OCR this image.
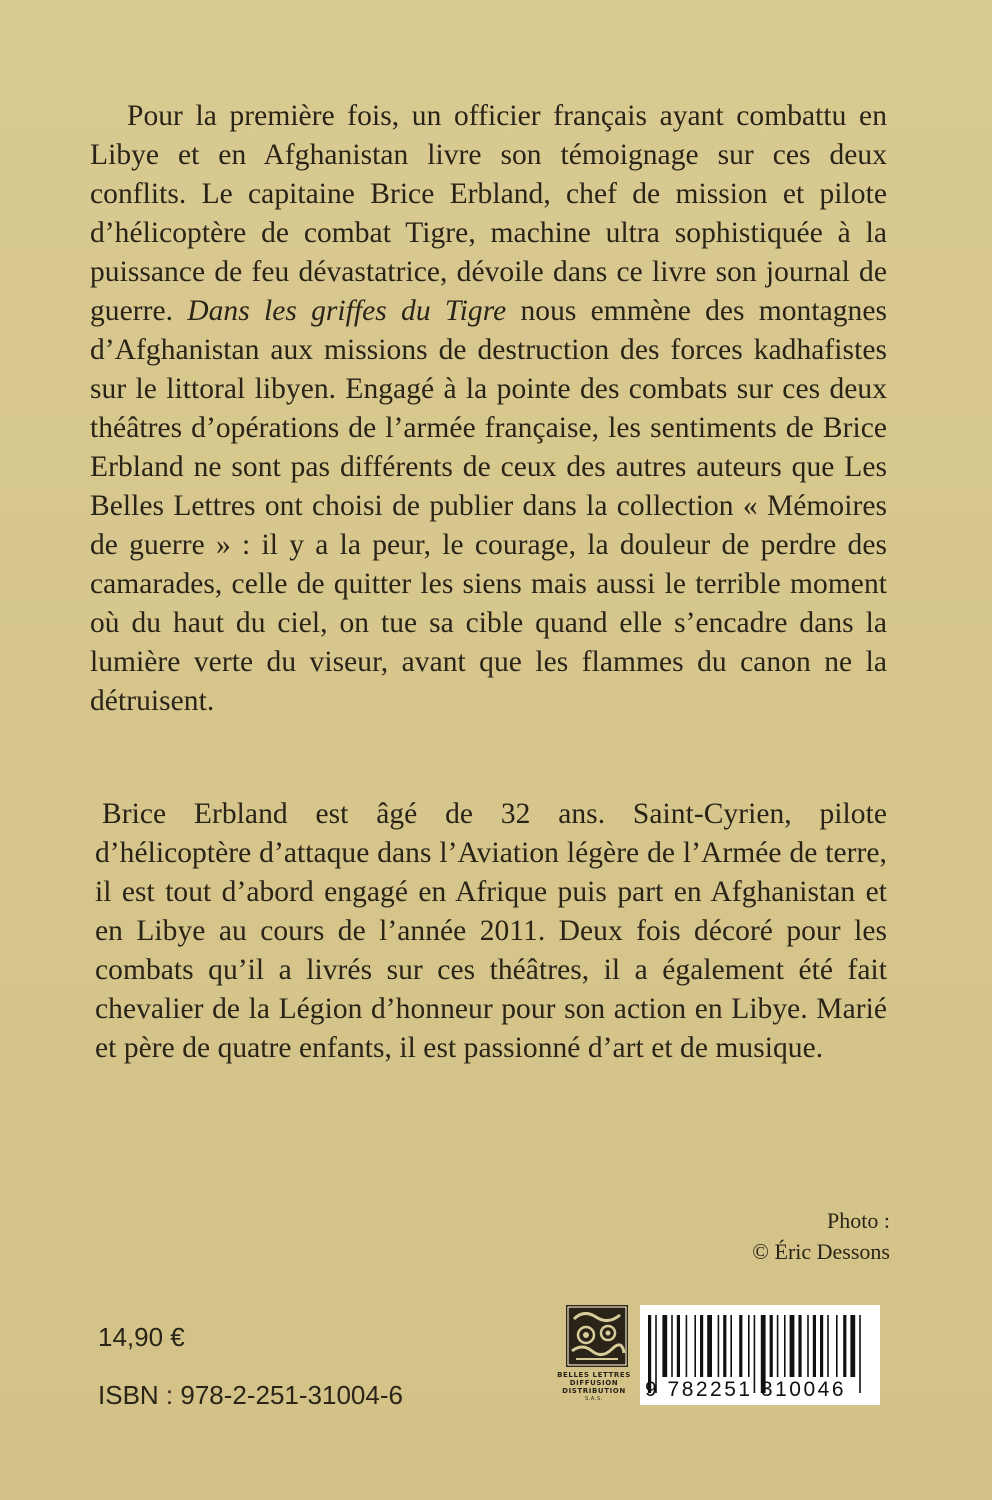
Pour la première fois, un officier français ayant combattu en Libye et en Afghanistan livre son témoignage sur ces deux conflits. Le capitaine Brice Erbland, chef de mission et pilote d’hélicoptère de combat Tigre, machine ultra sophistiquée à la puissance de feu dévastatrice, dévoile dans ce livre son journal de guerre. Dans les griffes du Tigre nous emmène des montagnes d’Afghanistan aux missions de destruction des forces kadhafistes sur le littoral libyen. Engagé à la pointe des combats sur ces deux théâtres d’opérations de l’armée française, les sentiments de Brice Erbland ne sont pas différents de ceux des autres auteurs que Les Belles Lettres ont choisi de publier dans la collection « Mémoires de guerre » : il y a la peur, le courage, la douleur de perdre des camarades, celle de quitter les siens mais aussi le terrible moment où du haut du ciel, on tue sa cible quand elle s’encadre dans la lumière verte du viseur, avant que les flammes du canon ne la détruisent.

Brice Erbland est âgé de 32 ans. Saint-Cyrien, pilote d’hélicoptère d’attaque dans l’Aviation légère de l’Armée de terre, il est tout d’abord engagé en Afrique puis part en Afghanistan et en Libye au cours de l’année 2011. Deux fois décoré pour les combats qu’il a livrés sur ces théâtres, il a également été fait chevalier de la Légion d’honneur pour son action en Libye. Marié et père de quatre enfants, il est passionné d’art et de musique.

Photo :
© Éric Dessons
14,90 €
ISBN : 978-2-251-31004-6
BELLES LETTRES
DIFFUSION
DISTRIBUTION
S.A.S.	9 782251 310046
